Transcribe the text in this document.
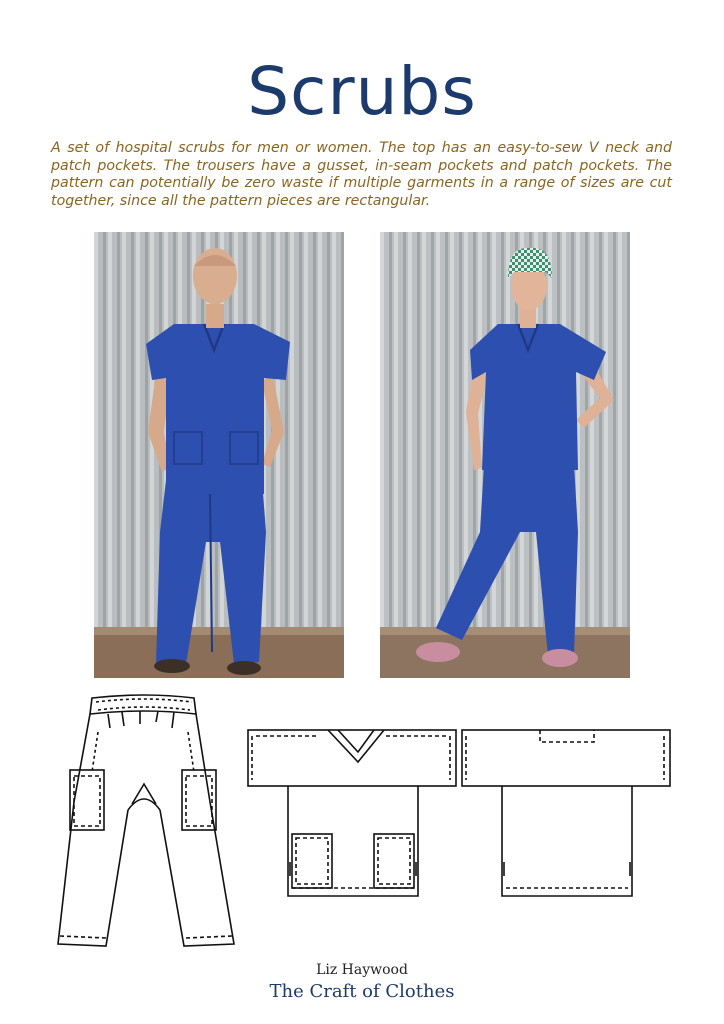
Scrubs
A set of hospital scrubs for men or women. The top has an easy-to-sew V neck and patch pockets. The trousers have a gusset, in-seam pockets and patch pockets. The pattern can potentially be zero waste if multiple garments in a range of sizes are cut together, since all the pattern pieces are rectangular.
Liz Haywood
The Craft of Clothes
